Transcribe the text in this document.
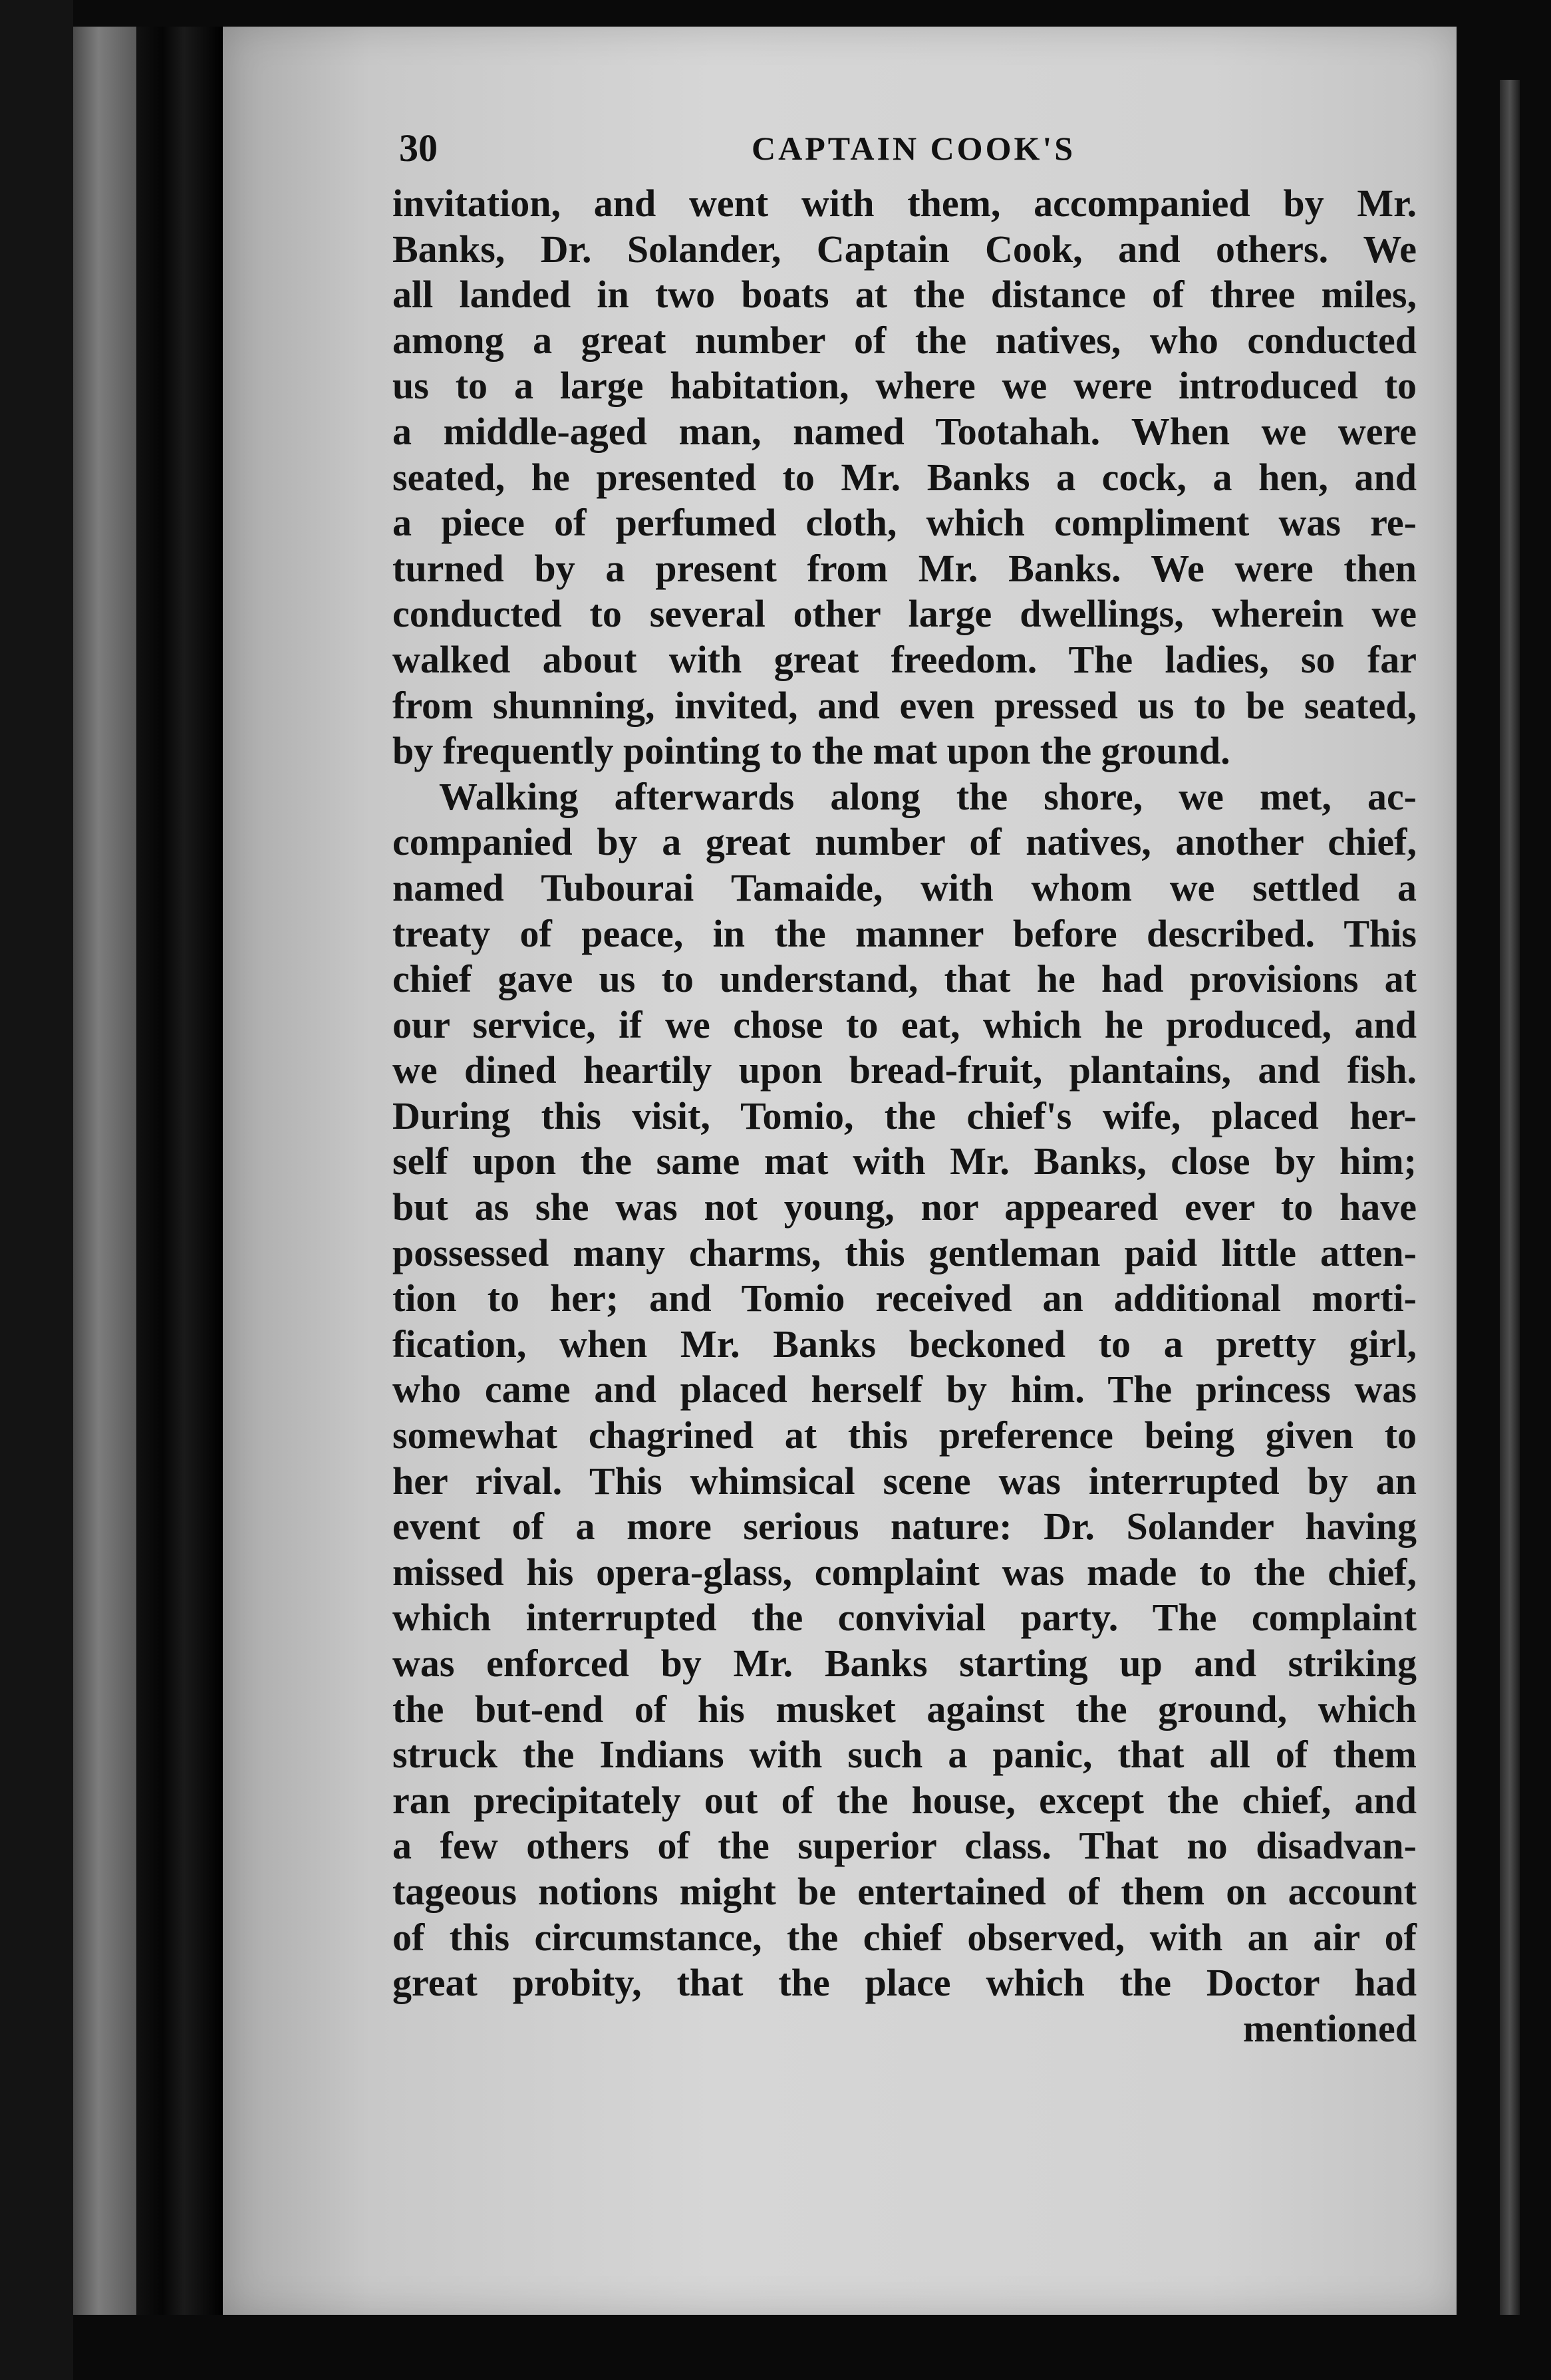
30	CAPTAIN COOK'S
invitation, and went with them, accompanied by Mr.
Banks, Dr. Solander, Captain Cook, and others. We
all landed in two boats at the distance of three miles,
among a great number of the natives, who conducted
us to a large habitation, where we were introduced to
a middle-aged man, named Tootahah. When we were
seated, he presented to Mr. Banks a cock, a hen, and
a piece of perfumed cloth, which compliment was re-
turned by a present from Mr. Banks. We were then
conducted to several other large dwellings, wherein we
walked about with great freedom. The ladies, so far
from shunning, invited, and even pressed us to be seated,
by frequently pointing to the mat upon the ground.
Walking afterwards along the shore, we met, ac-
companied by a great number of natives, another chief,
named Tubourai Tamaide, with whom we settled a
treaty of peace, in the manner before described. This
chief gave us to understand, that he had provisions at
our service, if we chose to eat, which he produced, and
we dined heartily upon bread-fruit, plantains, and fish.
During this visit, Tomio, the chief's wife, placed her-
self upon the same mat with Mr. Banks, close by him;
but as she was not young, nor appeared ever to have
possessed many charms, this gentleman paid little atten-
tion to her; and Tomio received an additional morti-
fication, when Mr. Banks beckoned to a pretty girl,
who came and placed herself by him. The princess was
somewhat chagrined at this preference being given to
her rival. This whimsical scene was interrupted by an
event of a more serious nature: Dr. Solander having
missed his opera-glass, complaint was made to the chief,
which interrupted the convivial party. The complaint
was enforced by Mr. Banks starting up and striking
the but-end of his musket against the ground, which
struck the Indians with such a panic, that all of them
ran precipitately out of the house, except the chief, and
a few others of the superior class. That no disadvan-
tageous notions might be entertained of them on account
of this circumstance, the chief observed, with an air of
great probity, that the place which the Doctor had
mentioned
